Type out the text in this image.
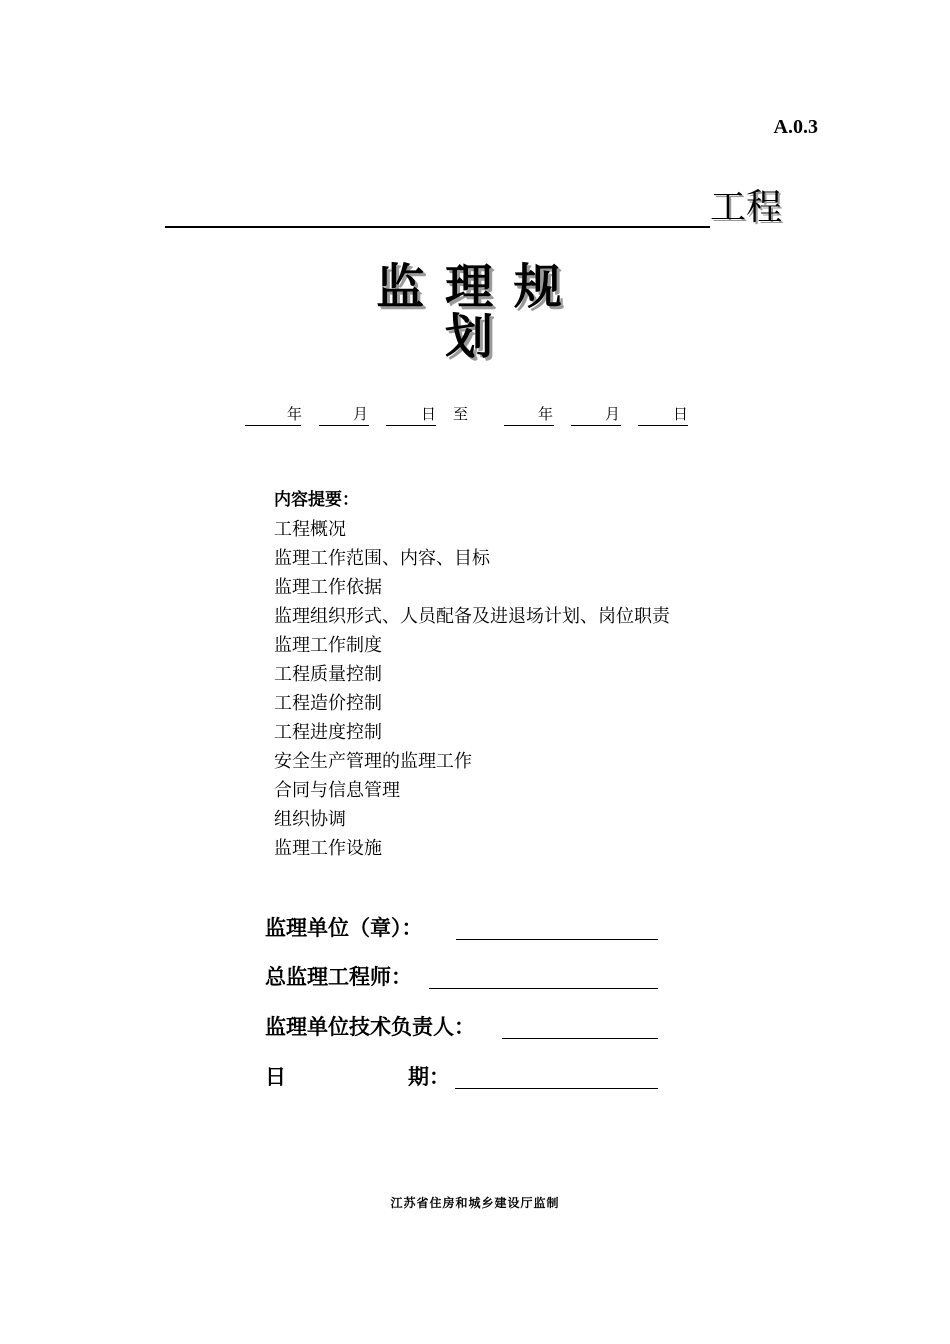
A.0.3
工程
监 理 规
划
年	月	日 至	年	月	日
内容提要：
工程概况
监理工作范围、内容、目标
监理工作依据
监理组织形式、人员配备及进退场计划、岗位职责
监理工作制度
工程质量控制
工程造价控制
工程进度控制
安全生产管理的监理工作
合同与信息管理
组织协调
监理工作设施
监理单位（章）：
总监理工程师：
监理单位技术负责人：
日	期：
江苏省住房和城乡建设厅监制
